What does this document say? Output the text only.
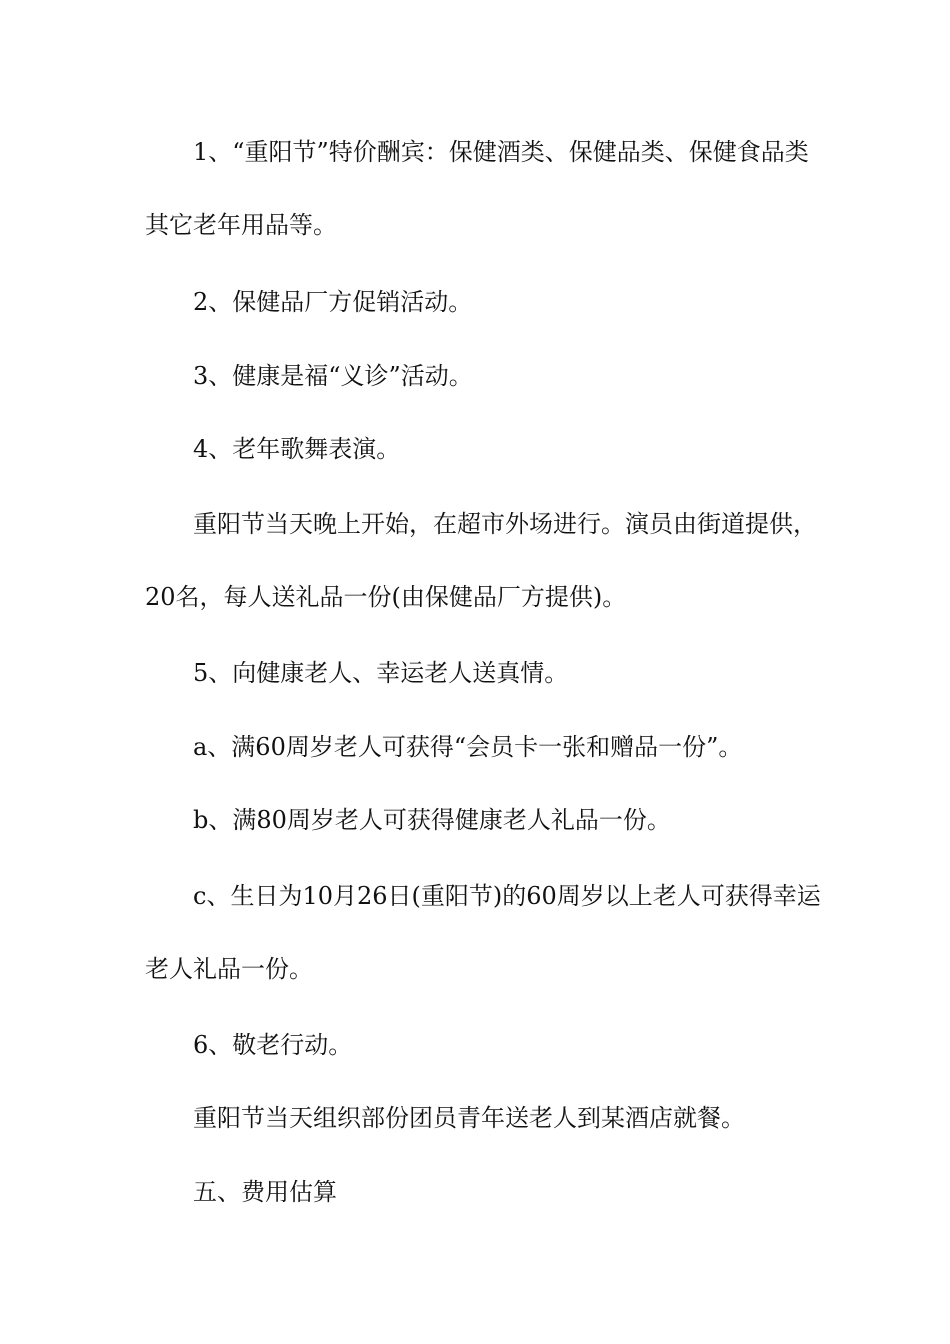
1、“重阳节”特价酬宾：保健酒类、保健品类、保健食品类其它老年用品等。

2、保健品厂方促销活动。

3、健康是福“义诊”活动。

4、老年歌舞表演。

重阳节当天晚上开始，在超市外场进行。演员由街道提供，20名，每人送礼品一份(由保健品厂方提供)。

5、向健康老人、幸运老人送真情。

a、满60周岁老人可获得“会员卡一张和赠品一份”。

b、满80周岁老人可获得健康老人礼品一份。

c、生日为10月26日(重阳节)的60周岁以上老人可获得幸运老人礼品一份。

6、敬老行动。

重阳节当天组织部份团员青年送老人到某酒店就餐。

五、费用估算
